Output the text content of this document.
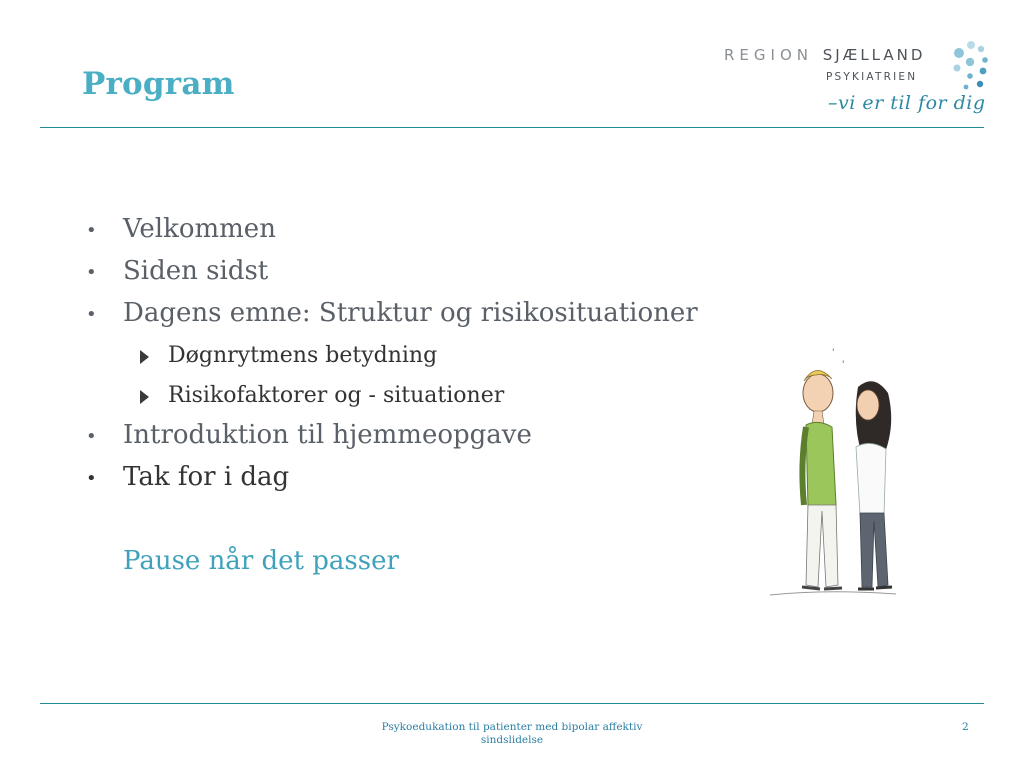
Program
REGION SJÆLLAND
PSYKIATRIEN
–vi er til for dig
• Velkommen
• Siden sidst
• Dagens emne: Struktur og risikosituationer
Døgnrytmens betydning
Risikofaktorer og - situationer
• Introduktion til hjemmeopgave
• Tak for i dag
Pause når det passer
'
'
Psykoedukation til patienter med bipolar affektiv
sindslidelse
2
